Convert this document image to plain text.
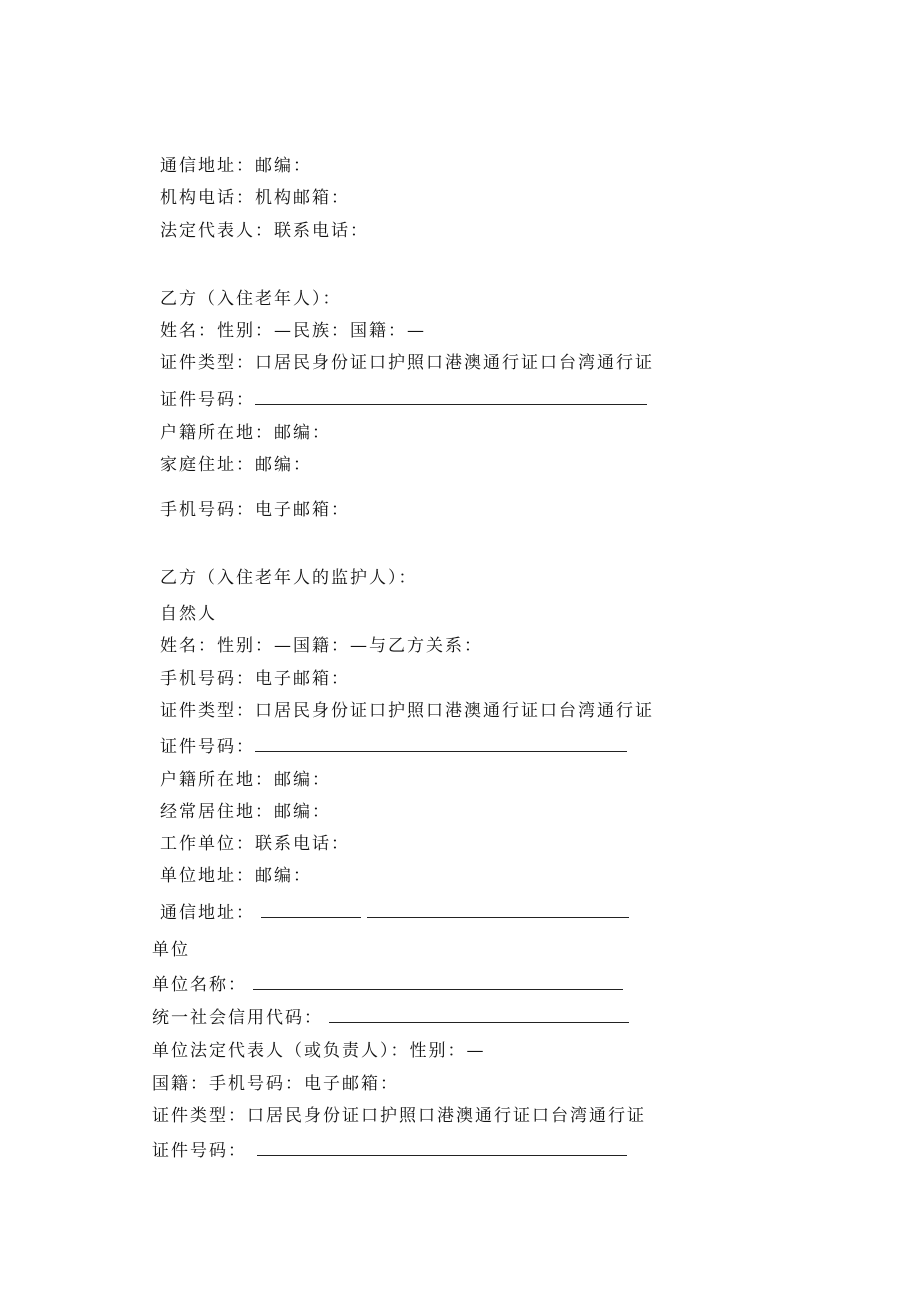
通信地址：邮编：
机构电话：机构邮箱：
法定代表人：联系电话：
乙方（入住老年人）：
姓名：性别：—民族：国籍：—
证件类型：口居民身份证口护照口港澳通行证口台湾通行证
证件号码：
户籍所在地：邮编：
家庭住址：邮编：
手机号码：电子邮箱：
乙方（入住老年人的监护人）：
自然人
姓名：性别：—国籍：—与乙方关系：
手机号码：电子邮箱：
证件类型：口居民身份证口护照口港澳通行证口台湾通行证
证件号码：
户籍所在地：邮编：
经常居住地：邮编：
工作单位：联系电话：
单位地址：邮编：
通信地址：
单位
单位名称：
统一社会信用代码：
单位法定代表人（或负责人）：性别：—
国籍：手机号码：电子邮箱：
证件类型：口居民身份证口护照口港澳通行证口台湾通行证
证件号码：
